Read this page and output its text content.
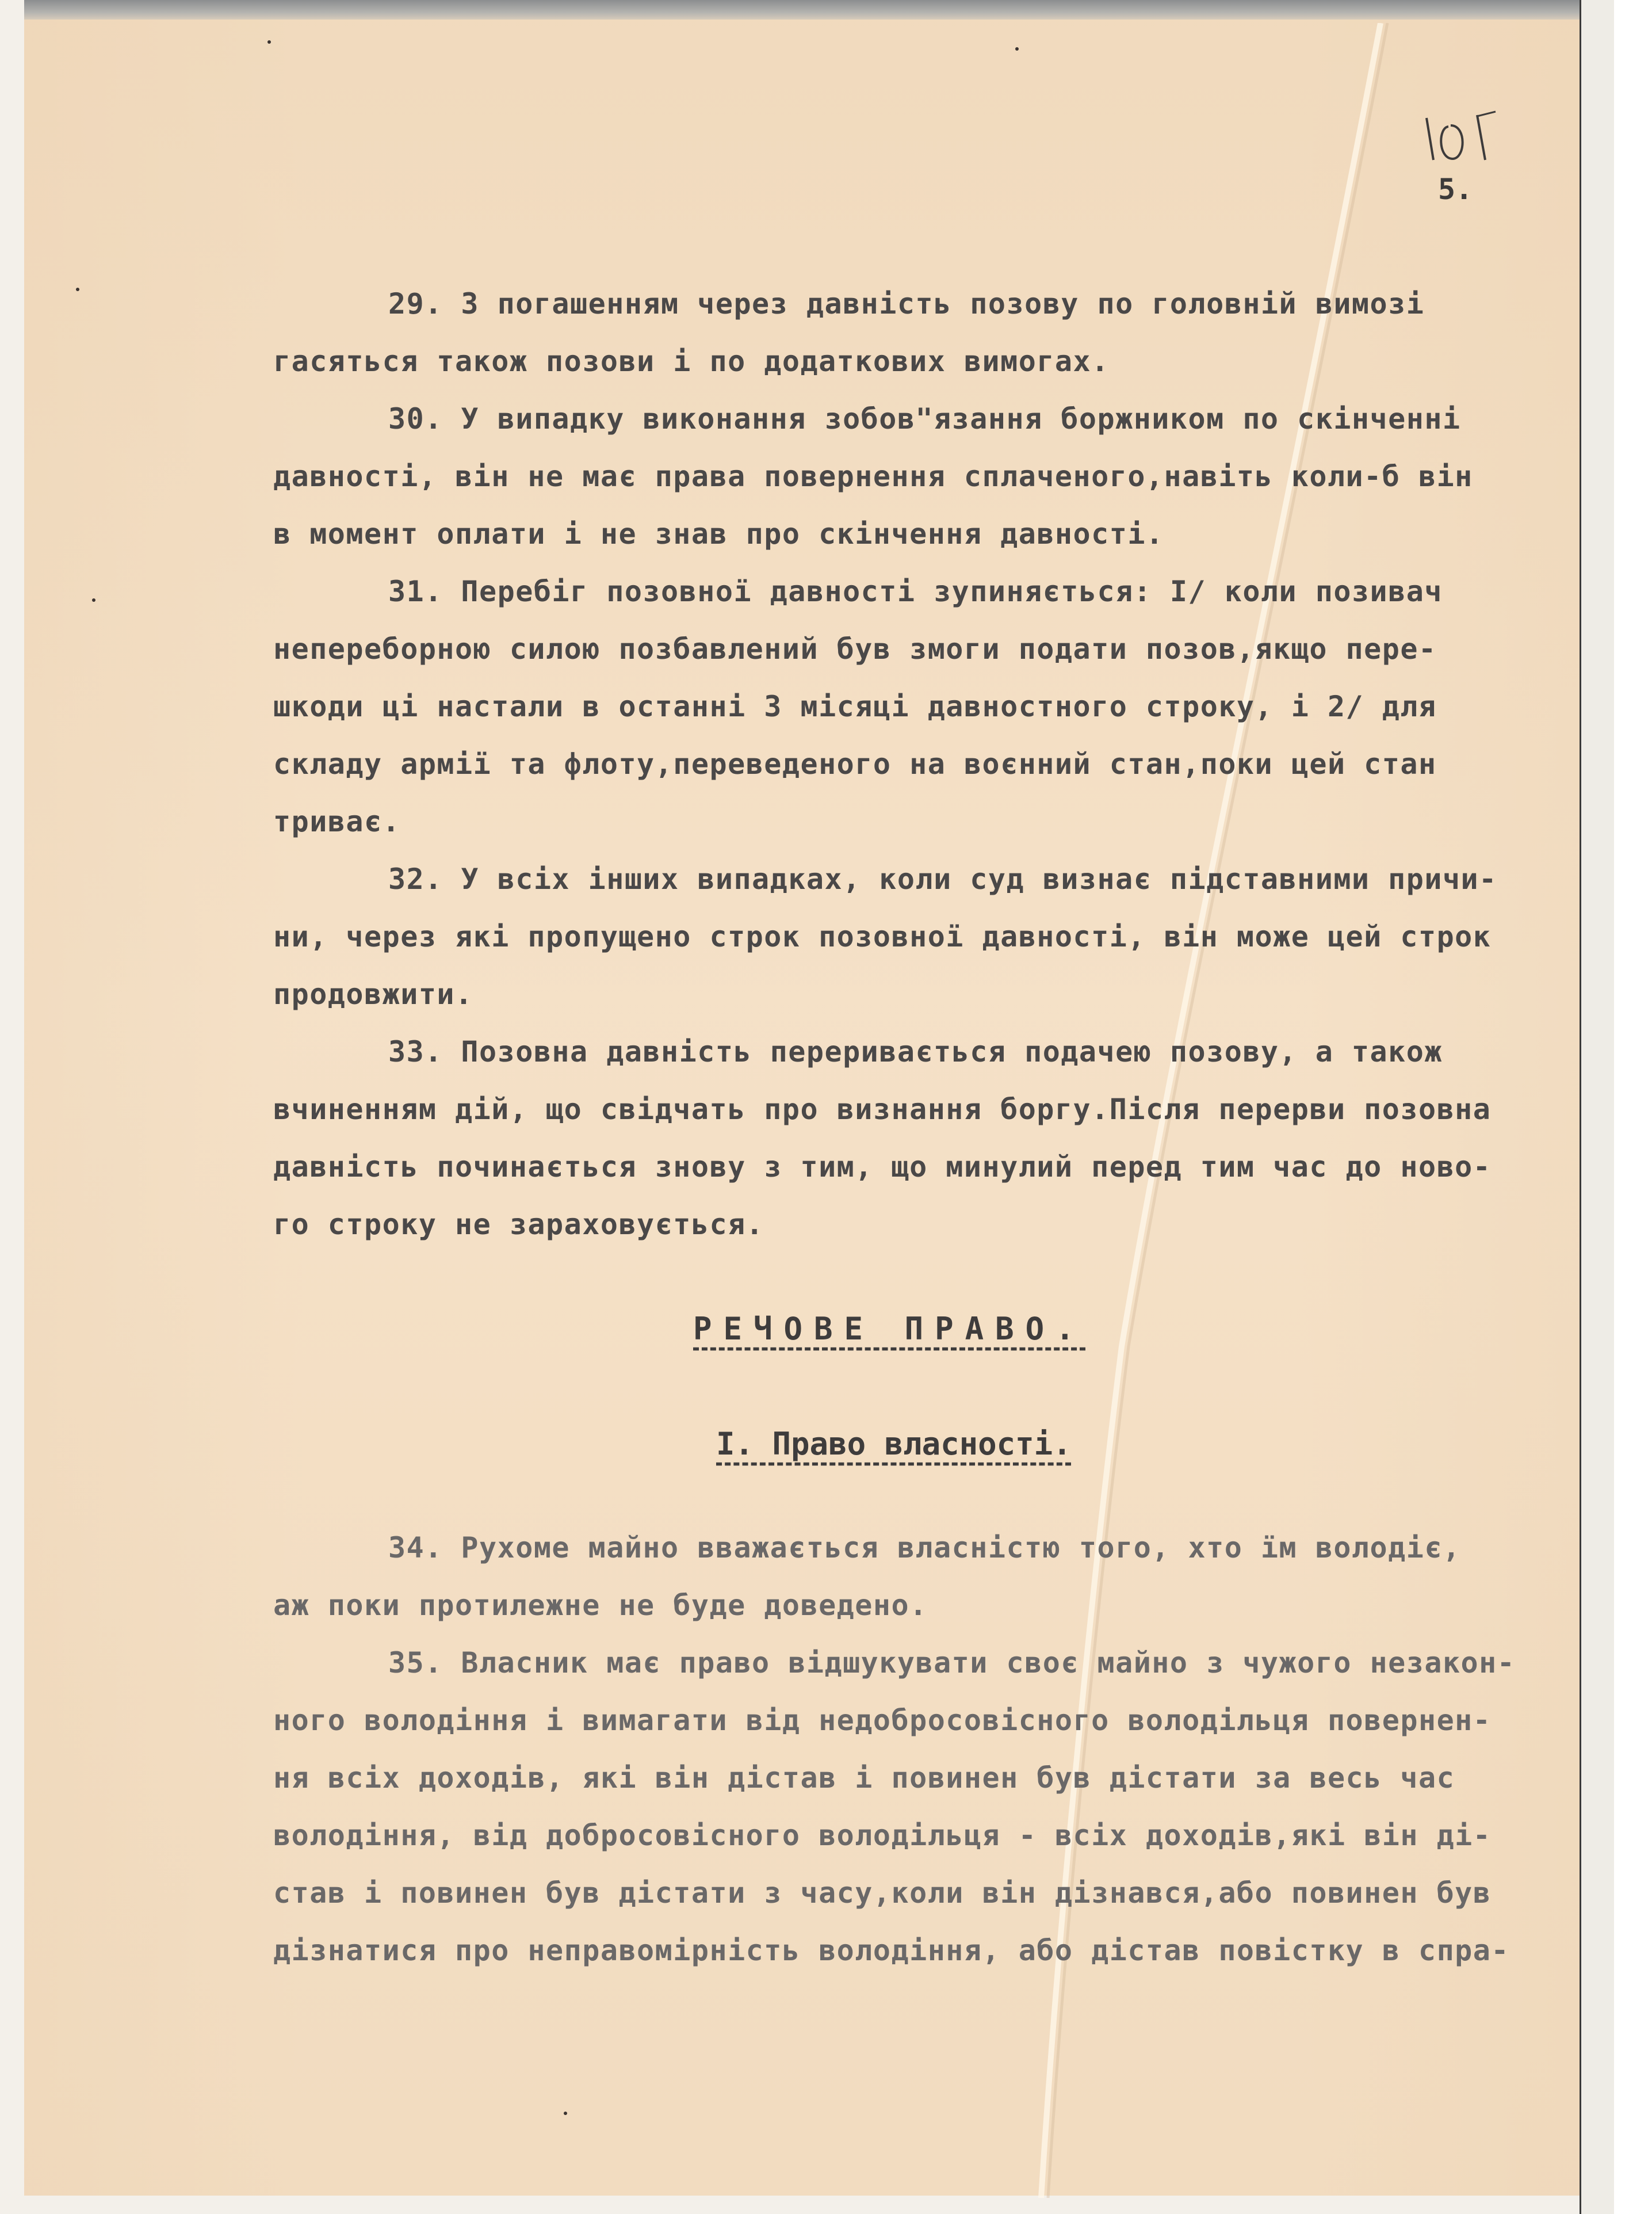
5.
29. З погашенням через давність позову по головній вимозі
гасяться також позови і по додаткових вимогах.
30. У випадку виконання зобов"язання боржником по скінченні
давності, він не має права повернення сплаченого,навіть коли-б він
в момент оплати і не знав про скінчення давності.
31. Перебіг позовної давності зупиняється: І/ коли позивач
непереборною силою позбавлений був змоги подати позов,якщо пере-
шкоди ці настали в останні 3 місяці давностного строку, і 2/ для
складу армії та флоту,переведеного на воєнний стан,поки цей стан
триває.
32. У всіх інших випадках, коли суд визнає підставними причи-
ни, через які пропущено строк позовної давності, він може цей строк
продовжити.
33. Позовна давність переривається подачею позову, а також
вчиненням дій, що свідчать про визнання боргу.Після перерви позовна
давність починається знову з тим, що минулий перед тим час до ново-
го строку не зараховується.
РЕЧОВЕ ПРАВО.
І. Право власності.
34. Рухоме майно вважається власністю того, хто їм володіє,
аж поки протилежне не буде доведено.
35. Власник має право відшукувати своє майно з чужого незакон-
ного володіння і вимагати від недобросовісного володільця повернен-
ня всіх доходів, які він дістав і повинен був дістати за весь час
володіння, від добросовісного володільця - всіх доходів,які він ді-
став і повинен був дістати з часу,коли він дізнався,або повинен був
дізнатися про неправомірність володіння, або дістав повістку в спра-
